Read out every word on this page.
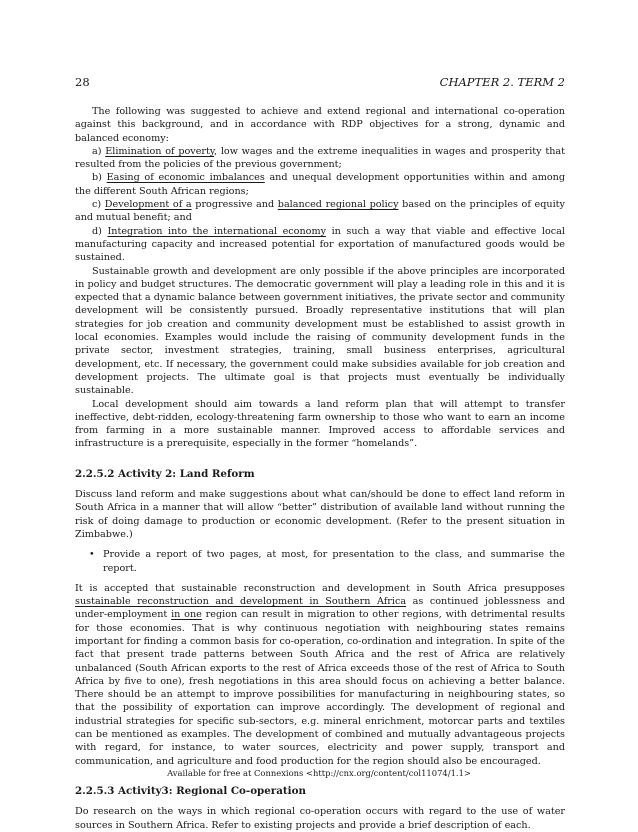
28	CHAPTER 2. TERM 2

The following was suggested to achieve and extend regional and international co-operation against this background, and in accordance with RDP objectives for a strong, dynamic and balanced economy:

a) Elimination of poverty, low wages and the extreme inequalities in wages and prosperity that resulted from the policies of the previous government;

b) Easing of economic imbalances and unequal development opportunities within and among the different South African regions;

c) Development of a progressive and balanced regional policy based on the principles of equity and mutual benefit; and

d) Integration into the international economy in such a way that viable and effective local manufacturing capacity and increased potential for exportation of manufactured goods would be sustained.

Sustainable growth and development are only possible if the above principles are incorporated in policy and budget structures. The democratic government will play a leading role in this and it is expected that a dynamic balance between government initiatives, the private sector and community development will be consistently pursued. Broadly representative institutions that will plan strategies for job creation and community development must be established to assist growth in local economies. Examples would include the raising of community development funds in the private sector, investment strategies, training, small business enterprises, agricultural development, etc. If necessary, the government could make subsidies available for job creation and development projects. The ultimate goal is that projects must eventually be individually sustainable.

Local development should aim towards a land reform plan that will attempt to transfer ineffective, debt-ridden, ecology-threatening farm ownership to those who want to earn an income from farming in a more sustainable manner. Improved access to affordable services and infrastructure is a prerequisite, especially in the former “homelands”.

2.2.5.2 Activity 2: Land Reform

Discuss land reform and make suggestions about what can/should be done to effect land reform in South Africa in a manner that will allow “better” distribution of available land without running the risk of doing damage to production or economic development. (Refer to the present situation in Zimbabwe.)

• Provide a report of two pages, at most, for presentation to the class, and summarise the report.

It is accepted that sustainable reconstruction and development in South Africa presupposes sustainable reconstruction and development in Southern Africa as continued joblessness and under-employment in one region can result in migration to other regions, with detrimental results for those economies. That is why continuous negotiation with neighbouring states remains important for finding a common basis for co-operation, co-ordination and integration. In spite of the fact that present trade patterns between South Africa and the rest of Africa are relatively unbalanced (South African exports to the rest of Africa exceeds those of the rest of Africa to South Africa by five to one), fresh negotiations in this area should focus on achieving a better balance. There should be an attempt to improve possibilities for manufacturing in neighbouring states, so that the possibility of exportation can improve accordingly. The development of regional and industrial strategies for specific sub-sectors, e.g. mineral enrichment, motorcar parts and textiles can be mentioned as examples. The development of combined and mutually advantageous projects with regard, for instance, to water sources, electricity and power supply, transport and communication, and agriculture and food production for the region should also be encouraged.

2.2.5.3 Activity3: Regional Co-operation

Do research on the ways in which regional co-operation occurs with regard to the use of water sources in Southern Africa. Refer to existing projects and provide a brief description of each.

Available for free at Connexions <http://cnx.org/content/col11074/1.1>
